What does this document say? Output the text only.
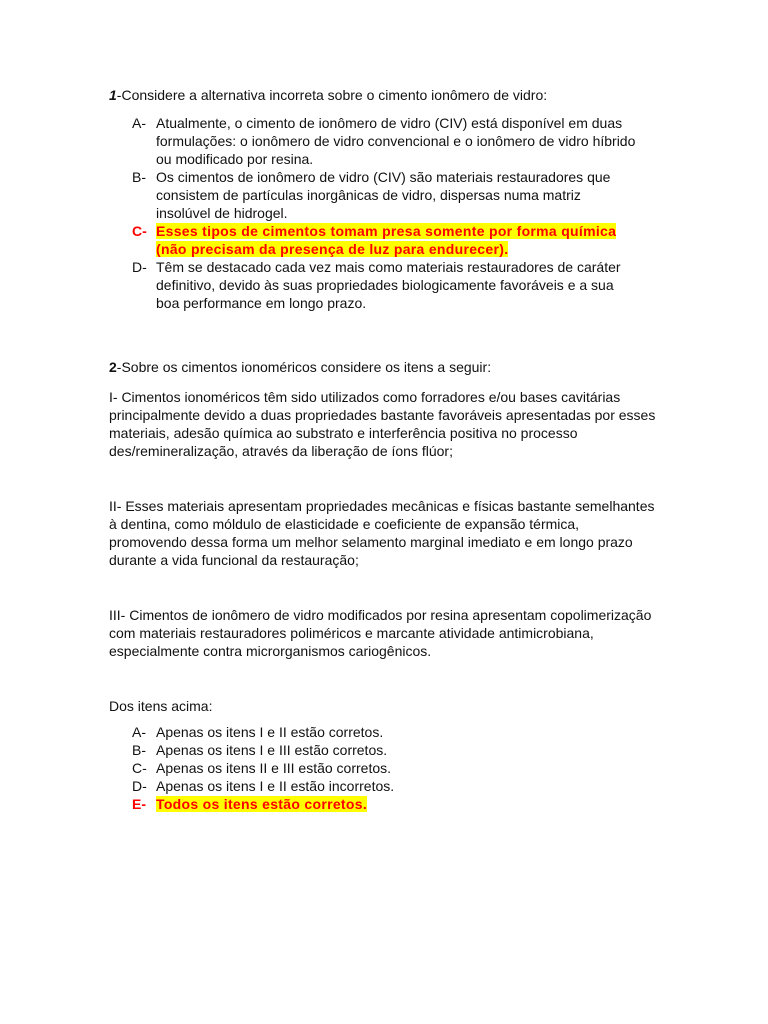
1-Considere a alternativa incorreta sobre o cimento ionômero de vidro:

A- Atualmente, o cimento de ionômero de vidro (CIV) está disponível em duas formulações: o ionômero de vidro convencional e o ionômero de vidro híbrido ou modificado por resina.
B- Os cimentos de ionômero de vidro (CIV) são materiais restauradores que consistem de partículas inorgânicas de vidro, dispersas numa matriz insolúvel de hidrogel.
C- Esses tipos de cimentos tomam presa somente por forma química (não precisam da presença de luz para endurecer).
D- Têm se destacado cada vez mais como materiais restauradores de caráter definitivo, devido às suas propriedades biologicamente favoráveis e a sua boa performance em longo prazo.

2-Sobre os cimentos ionoméricos considere os itens a seguir:

I- Cimentos ionoméricos têm sido utilizados como forradores e/ou bases cavitárias principalmente devido a duas propriedades bastante favoráveis apresentadas por esses materiais, adesão química ao substrato e interferência positiva no processo des/remineralização, através da liberação de íons flúor;

II- Esses materiais apresentam propriedades mecânicas e físicas bastante semelhantes à dentina, como móldulo de elasticidade e coeficiente de expansão térmica, promovendo dessa forma um melhor selamento marginal imediato e em longo prazo durante a vida funcional da restauração;

III- Cimentos de ionômero de vidro modificados por resina apresentam copolimerização com materiais restauradores poliméricos e marcante atividade antimicrobiana, especialmente contra microrganismos cariogênicos.

Dos itens acima:

A- Apenas os itens I e II estão corretos.
B- Apenas os itens I e III estão corretos.
C- Apenas os itens II e III estão corretos.
D- Apenas os itens I e II estão incorretos.
E- Todos os itens estão corretos.
